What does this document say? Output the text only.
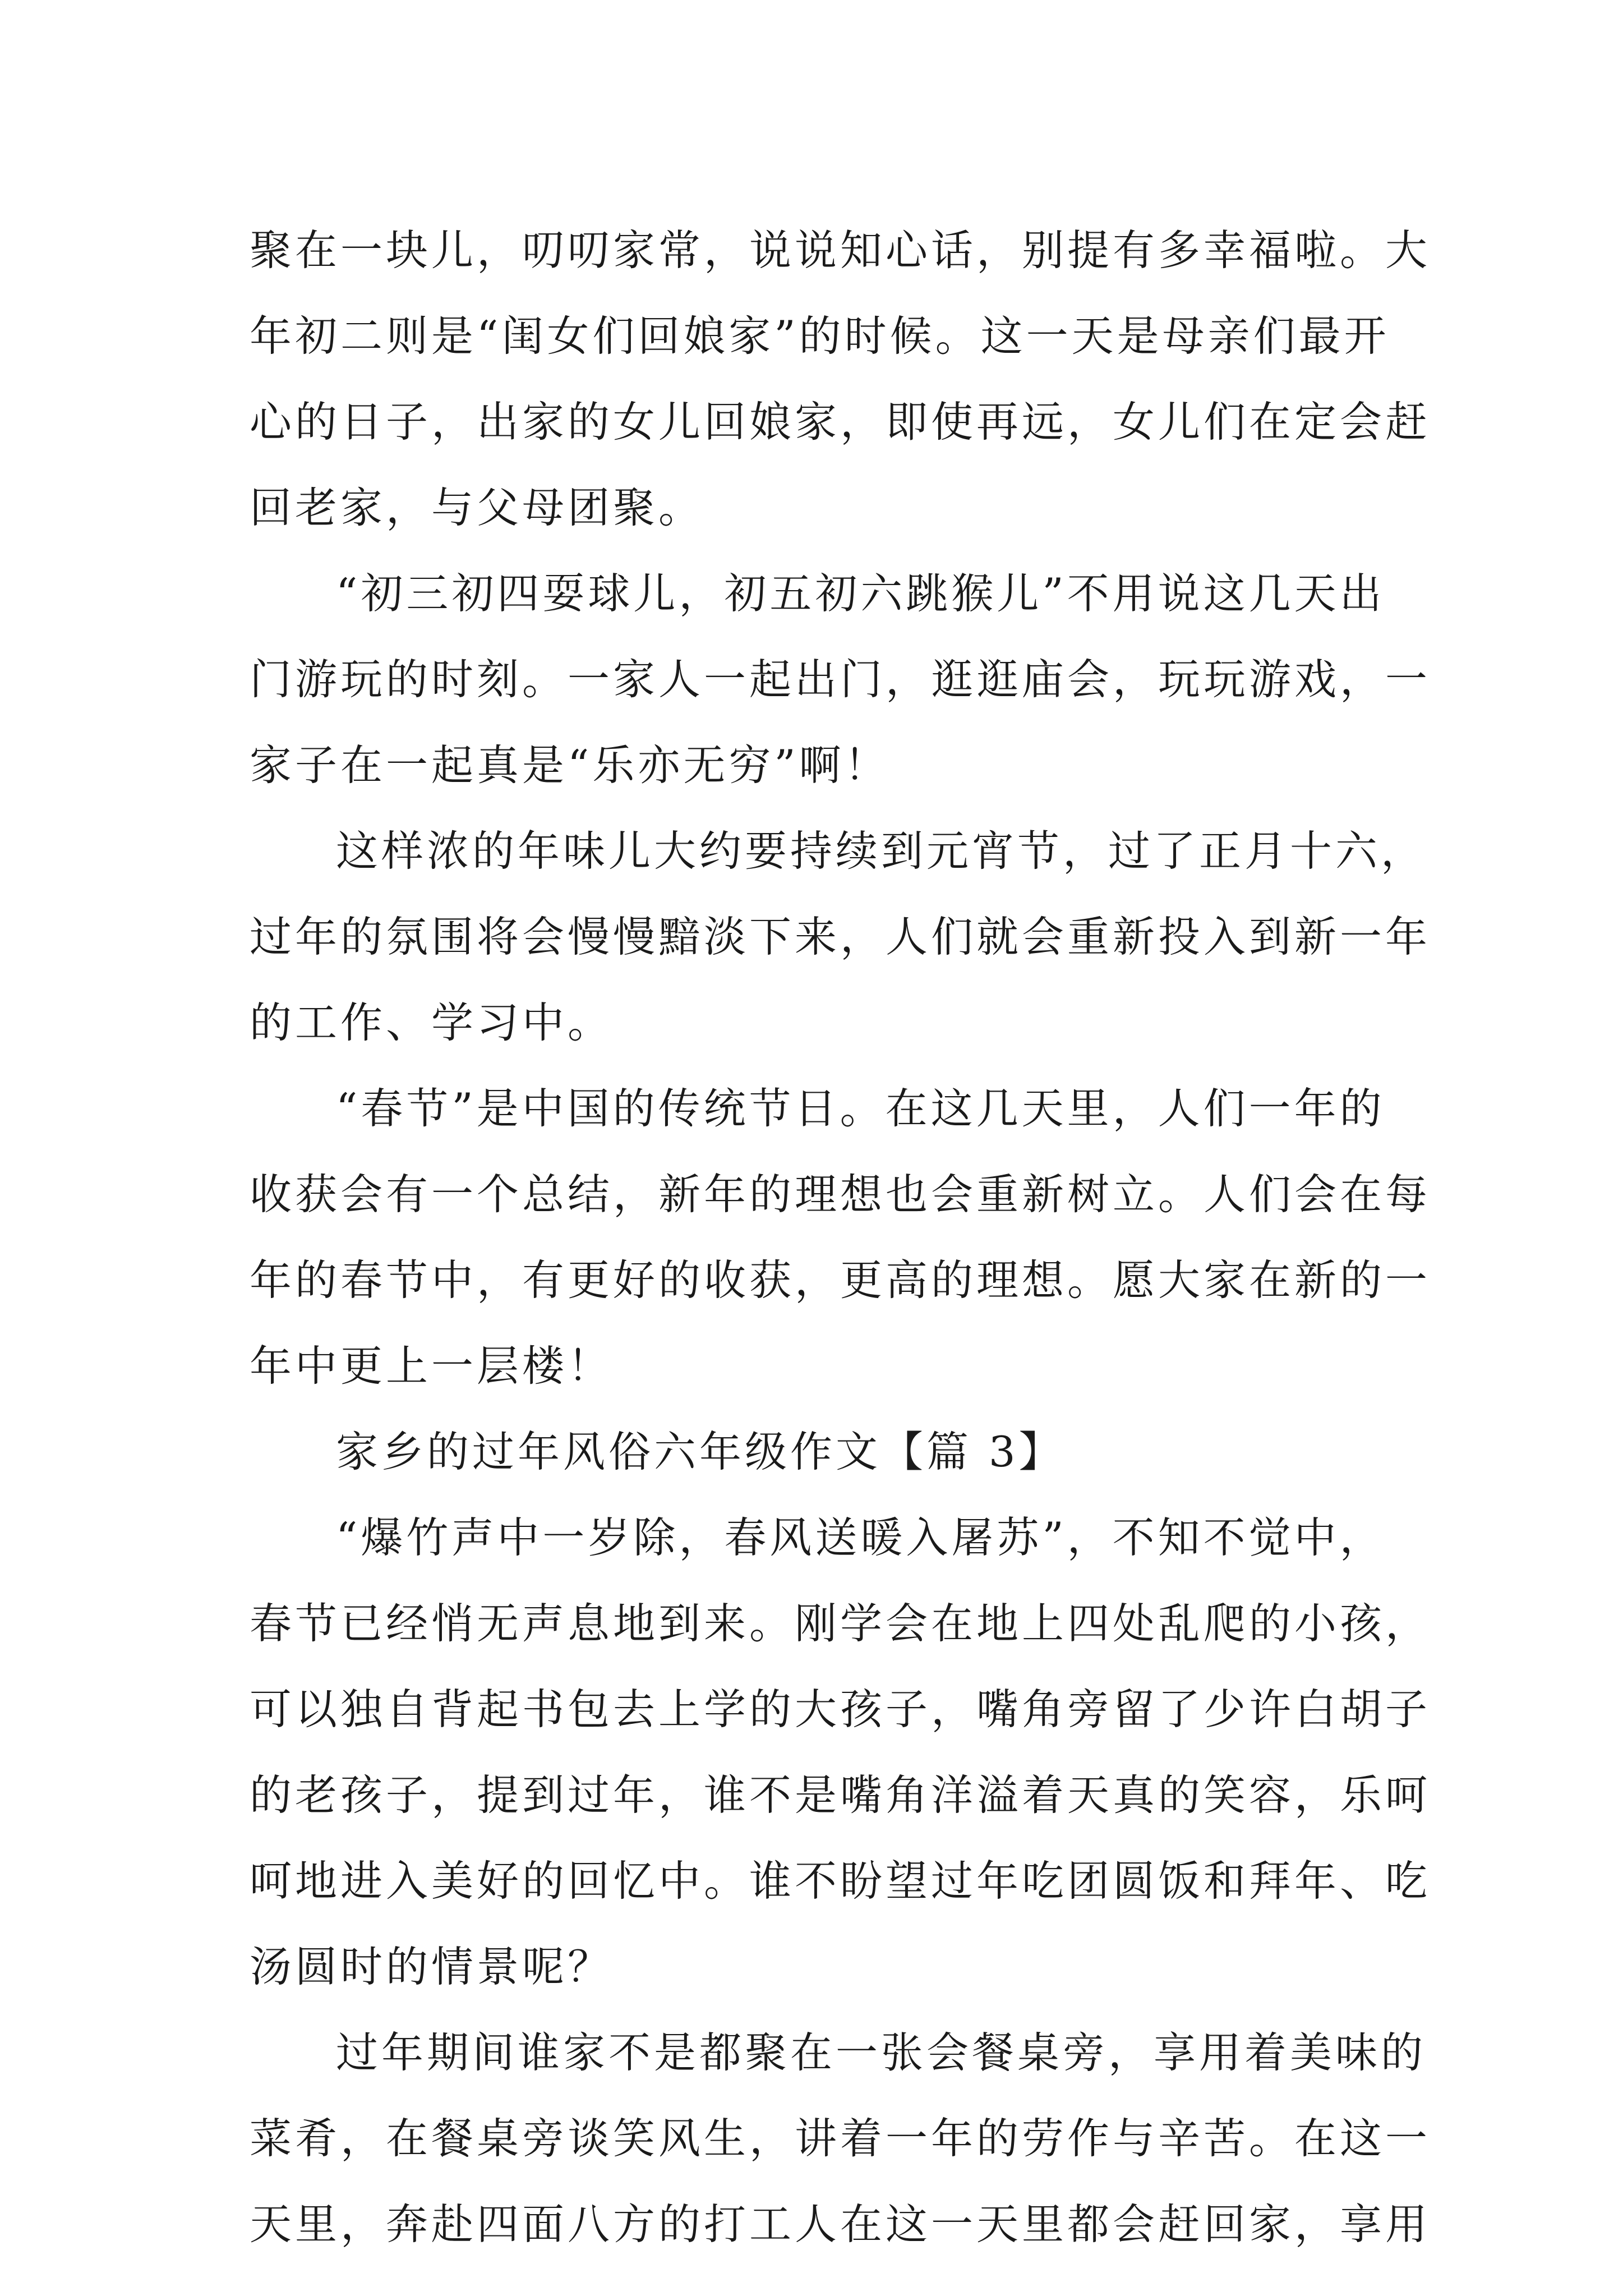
聚在一块儿，叨叨家常，说说知心话，别提有多幸福啦。大
年初二则是“闺女们回娘家”的时候。这一天是母亲们最开
心的日子，出家的女儿回娘家，即使再远，女儿们在定会赶
回老家，与父母团聚。
“初三初四耍球儿，初五初六跳猴儿”不用说这几天出
门游玩的时刻。一家人一起出门，逛逛庙会，玩玩游戏，一
家子在一起真是“乐亦无穷”啊！
这样浓的年味儿大约要持续到元宵节，过了正月十六，
过年的氛围将会慢慢黯淡下来，人们就会重新投入到新一年
的工作、学习中。
“春节”是中国的传统节日。在这几天里，人们一年的
收获会有一个总结，新年的理想也会重新树立。人们会在每
年的春节中，有更好的收获，更高的理想。愿大家在新的一
年中更上一层楼！
家乡的过年风俗六年级作文【篇 3】
“爆竹声中一岁除，春风送暖入屠苏”，不知不觉中，
春节已经悄无声息地到来。刚学会在地上四处乱爬的小孩，
可以独自背起书包去上学的大孩子，嘴角旁留了少许白胡子
的老孩子，提到过年，谁不是嘴角洋溢着天真的笑容，乐呵
呵地进入美好的回忆中。谁不盼望过年吃团圆饭和拜年、吃
汤圆时的情景呢？
过年期间谁家不是都聚在一张会餐桌旁，享用着美味的
菜肴，在餐桌旁谈笑风生，讲着一年的劳作与辛苦。在这一
天里，奔赴四面八方的打工人在这一天里都会赶回家，享用
